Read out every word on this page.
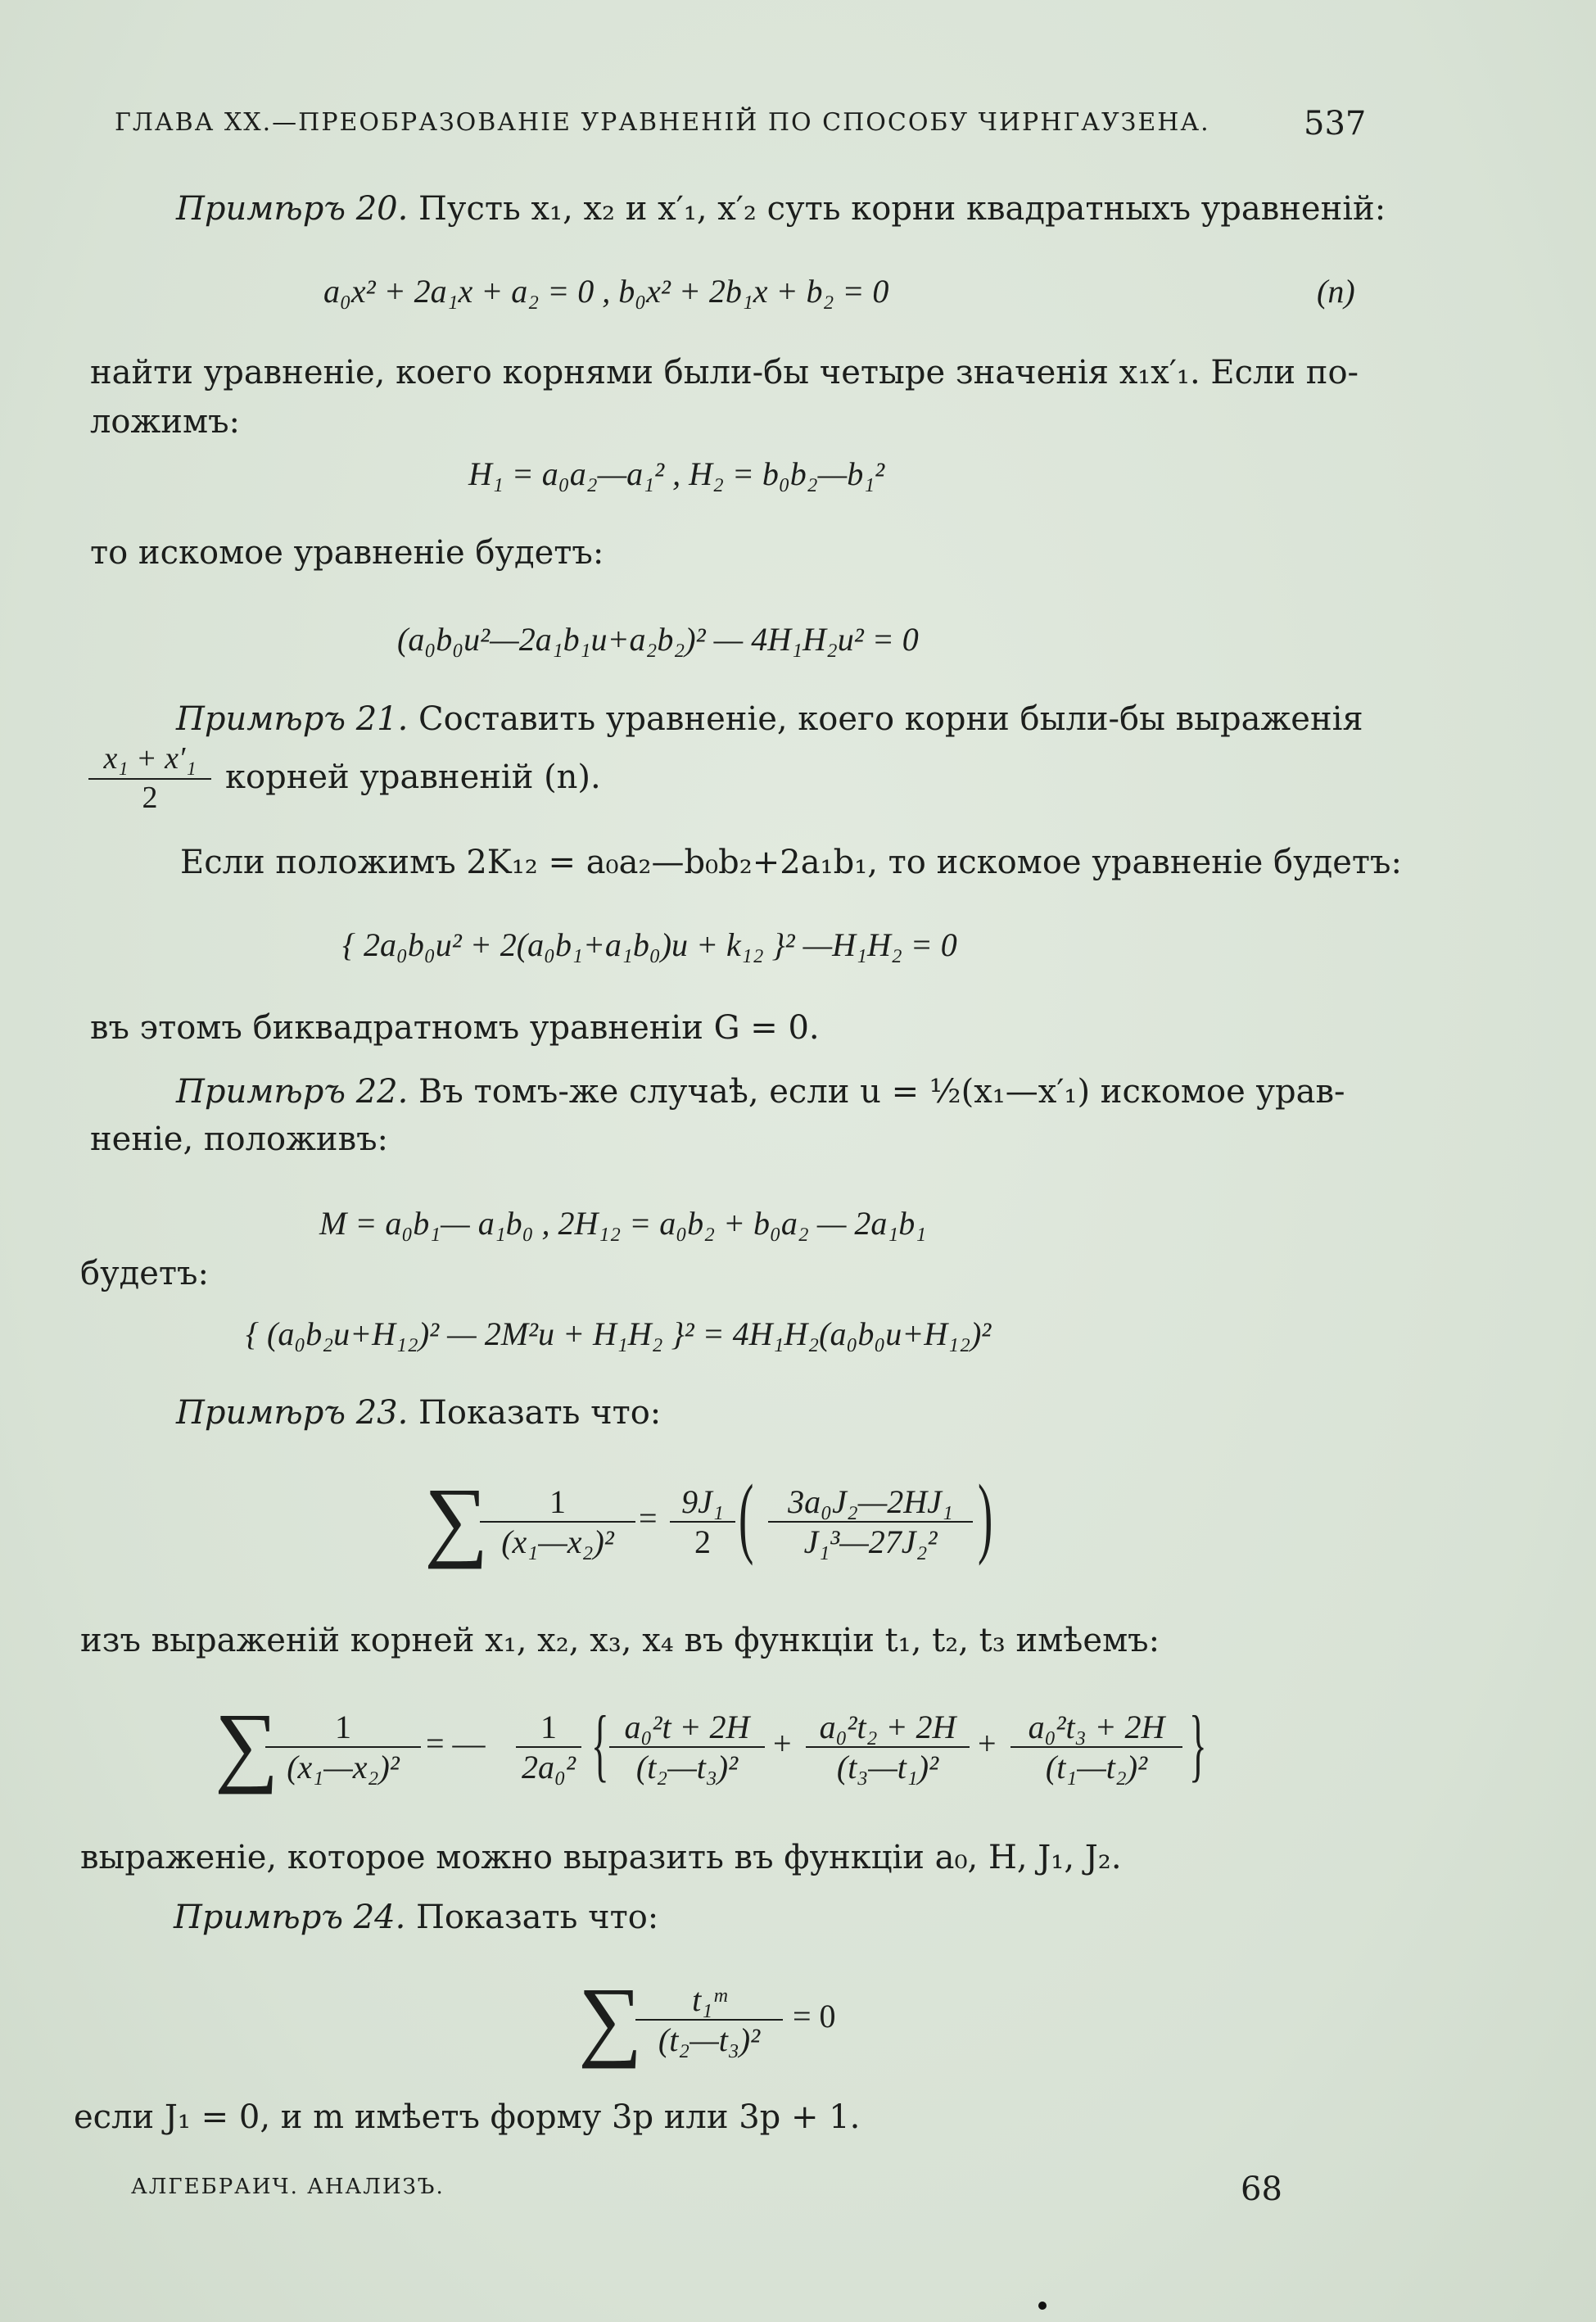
ГЛАВА XX.—ПРЕОБРАЗОВАНІЕ УРАВНЕНІЙ ПО СПОСОБУ ЧИРНГАУЗЕНА.	537
Примѣръ 20. Пусть x₁, x₂ и x′₁, x′₂ суть корни квадратныхъ уравненій:
a₀x² + 2a₁x + a₂ = 0 , b₀x² + 2b₁x + b₂ = 0	(n)
найти уравненіе, коего корнями были-бы четыре значенія x₁x′₁. Если по-
ложимъ:
H₁ = a₀a₂—a₁² , H₂ = b₀b₂—b₁²
то искомое уравненіе будетъ:
(a₀b₀u²—2a₁b₁u+a₂b₂)² — 4H₁H₂u² = 0
Примѣръ 21. Составить уравненіе, коего корни были-бы выраженія
$\frac{\text{x₁ + x′₁}}{2}$ корней уравненій (n).
Если положимъ 2K₁₂ = a₀a₂—b₀b₂+2a₁b₁, то искомое уравненіе будетъ:
{ 2a₀b₀u² + 2(a₀b₁+a₁b₀)u + k₁₂ }² —H₁H₂ = 0
въ этомъ биквадратномъ уравненіи G = 0.
Примѣръ 22. Въ томъ-же случаѣ, если u = ½(x₁—x′₁) искомое урав-
неніе, положивъ:
M = a₀b₁— a₁b₀ , 2H₁₂ = a₀b₂ + b₀a₂ — 2a₁b₁
будетъ:
{ (a₀b₂u+H₁₂)² — 2M²u + H₁H₂ }² = 4H₁H₂(a₀b₀u+H₁₂)²
Примѣръ 23. Показать что:
∑
$\frac{1}{\text{(x₁—x₂)²}} = \frac{\text{9J₁}}{2}$ ( $\frac{\text{3a₀J₂—2HJ₁}}{\text{J₁³—27J₂²}}$ )
изъ выраженій корней x₁, x₂, x₃, x₄ въ функціи t₁, t₂, t₃ имѣемъ:
∑
$\frac{1}{\text{(x₁—x₂)²}}$ = — $\frac{1}{\text{2a₀²}}$ { $\frac{\text{a₀²t + 2H}}{\text{(t₂—t₃)²}} + \frac{\text{a₀²t₂ + 2H}}{\text{(t₃—t₁)²}} + \frac{\text{a₀²t₃ + 2H}}{\text{(t₁—t₂)²}}$ }
выраженіе, которое можно выразить въ функціи a₀, H, J₁, J₂.
Примѣръ 24. Показать что:
∑
$\frac{\text{t₁ᵐ}}{\text{(t₂—t₃)²}} = 0$
если J₁ = 0, и m имѣетъ форму 3p или 3p + 1.
АЛГЕБРАИЧ. АНАЛИЗЪ.	68
